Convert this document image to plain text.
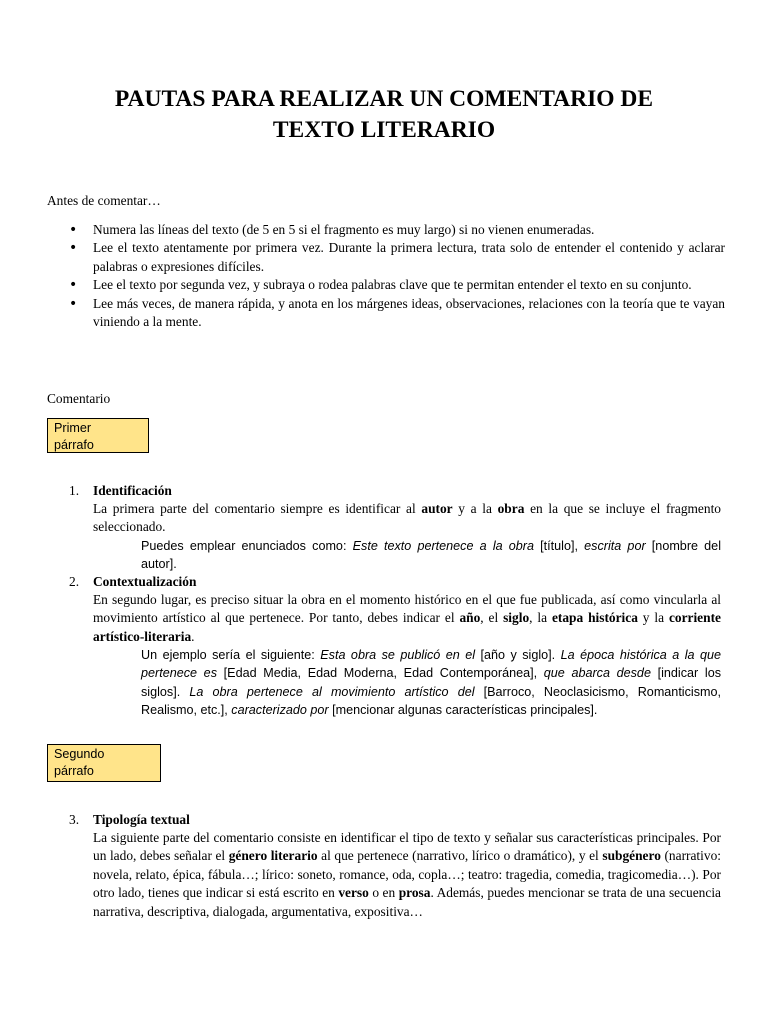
PAUTAS PARA REALIZAR UN COMENTARIO DE
TEXTO LITERARIO
Antes de comentar…
• Numera las líneas del texto (de 5 en 5 si el fragmento es muy largo) si no vienen enumeradas.
• Lee el texto atentamente por primera vez. Durante la primera lectura, trata solo de entender el contenido y aclarar palabras o expresiones difíciles.
• Lee el texto por segunda vez, y subraya o rodea palabras clave que te permitan entender el texto en su conjunto.
• Lee más veces, de manera rápida, y anota en los márgenes ideas, observaciones, relaciones con la teoría que te vayan viniendo a la mente.
Comentario
Primer
párrafo
1. Identificación
La primera parte del comentario siempre es identificar al autor y a la obra en la que se incluye el fragmento seleccionado.
Puedes emplear enunciados como: Este texto pertenece a la obra [título], escrita por [nombre del autor].
2. Contextualización
En segundo lugar, es preciso situar la obra en el momento histórico en el que fue publicada, así como vincularla al movimiento artístico al que pertenece. Por tanto, debes indicar el año, el siglo, la etapa histórica y la corriente artístico-literaria.
Un ejemplo sería el siguiente: Esta obra se publicó en el [año y siglo]. La época histórica a la que pertenece es [Edad Media, Edad Moderna, Edad Contemporánea], que abarca desde [indicar los siglos]. La obra pertenece al movimiento artístico del [Barroco, Neoclasicismo, Romanticismo, Realismo, etc.], caracterizado por [mencionar algunas características principales].
Segundo
párrafo
3. Tipología textual
La siguiente parte del comentario consiste en identificar el tipo de texto y señalar sus características principales. Por un lado, debes señalar el género literario al que pertenece (narrativo, lírico o dramático), y el subgénero (narrativo: novela, relato, épica, fábula…; lírico: soneto, romance, oda, copla…; teatro: tragedia, comedia, tragicomedia…). Por otro lado, tienes que indicar si está escrito en verso o en prosa. Además, puedes mencionar se trata de una secuencia narrativa, descriptiva, dialogada, argumentativa, expositiva…
